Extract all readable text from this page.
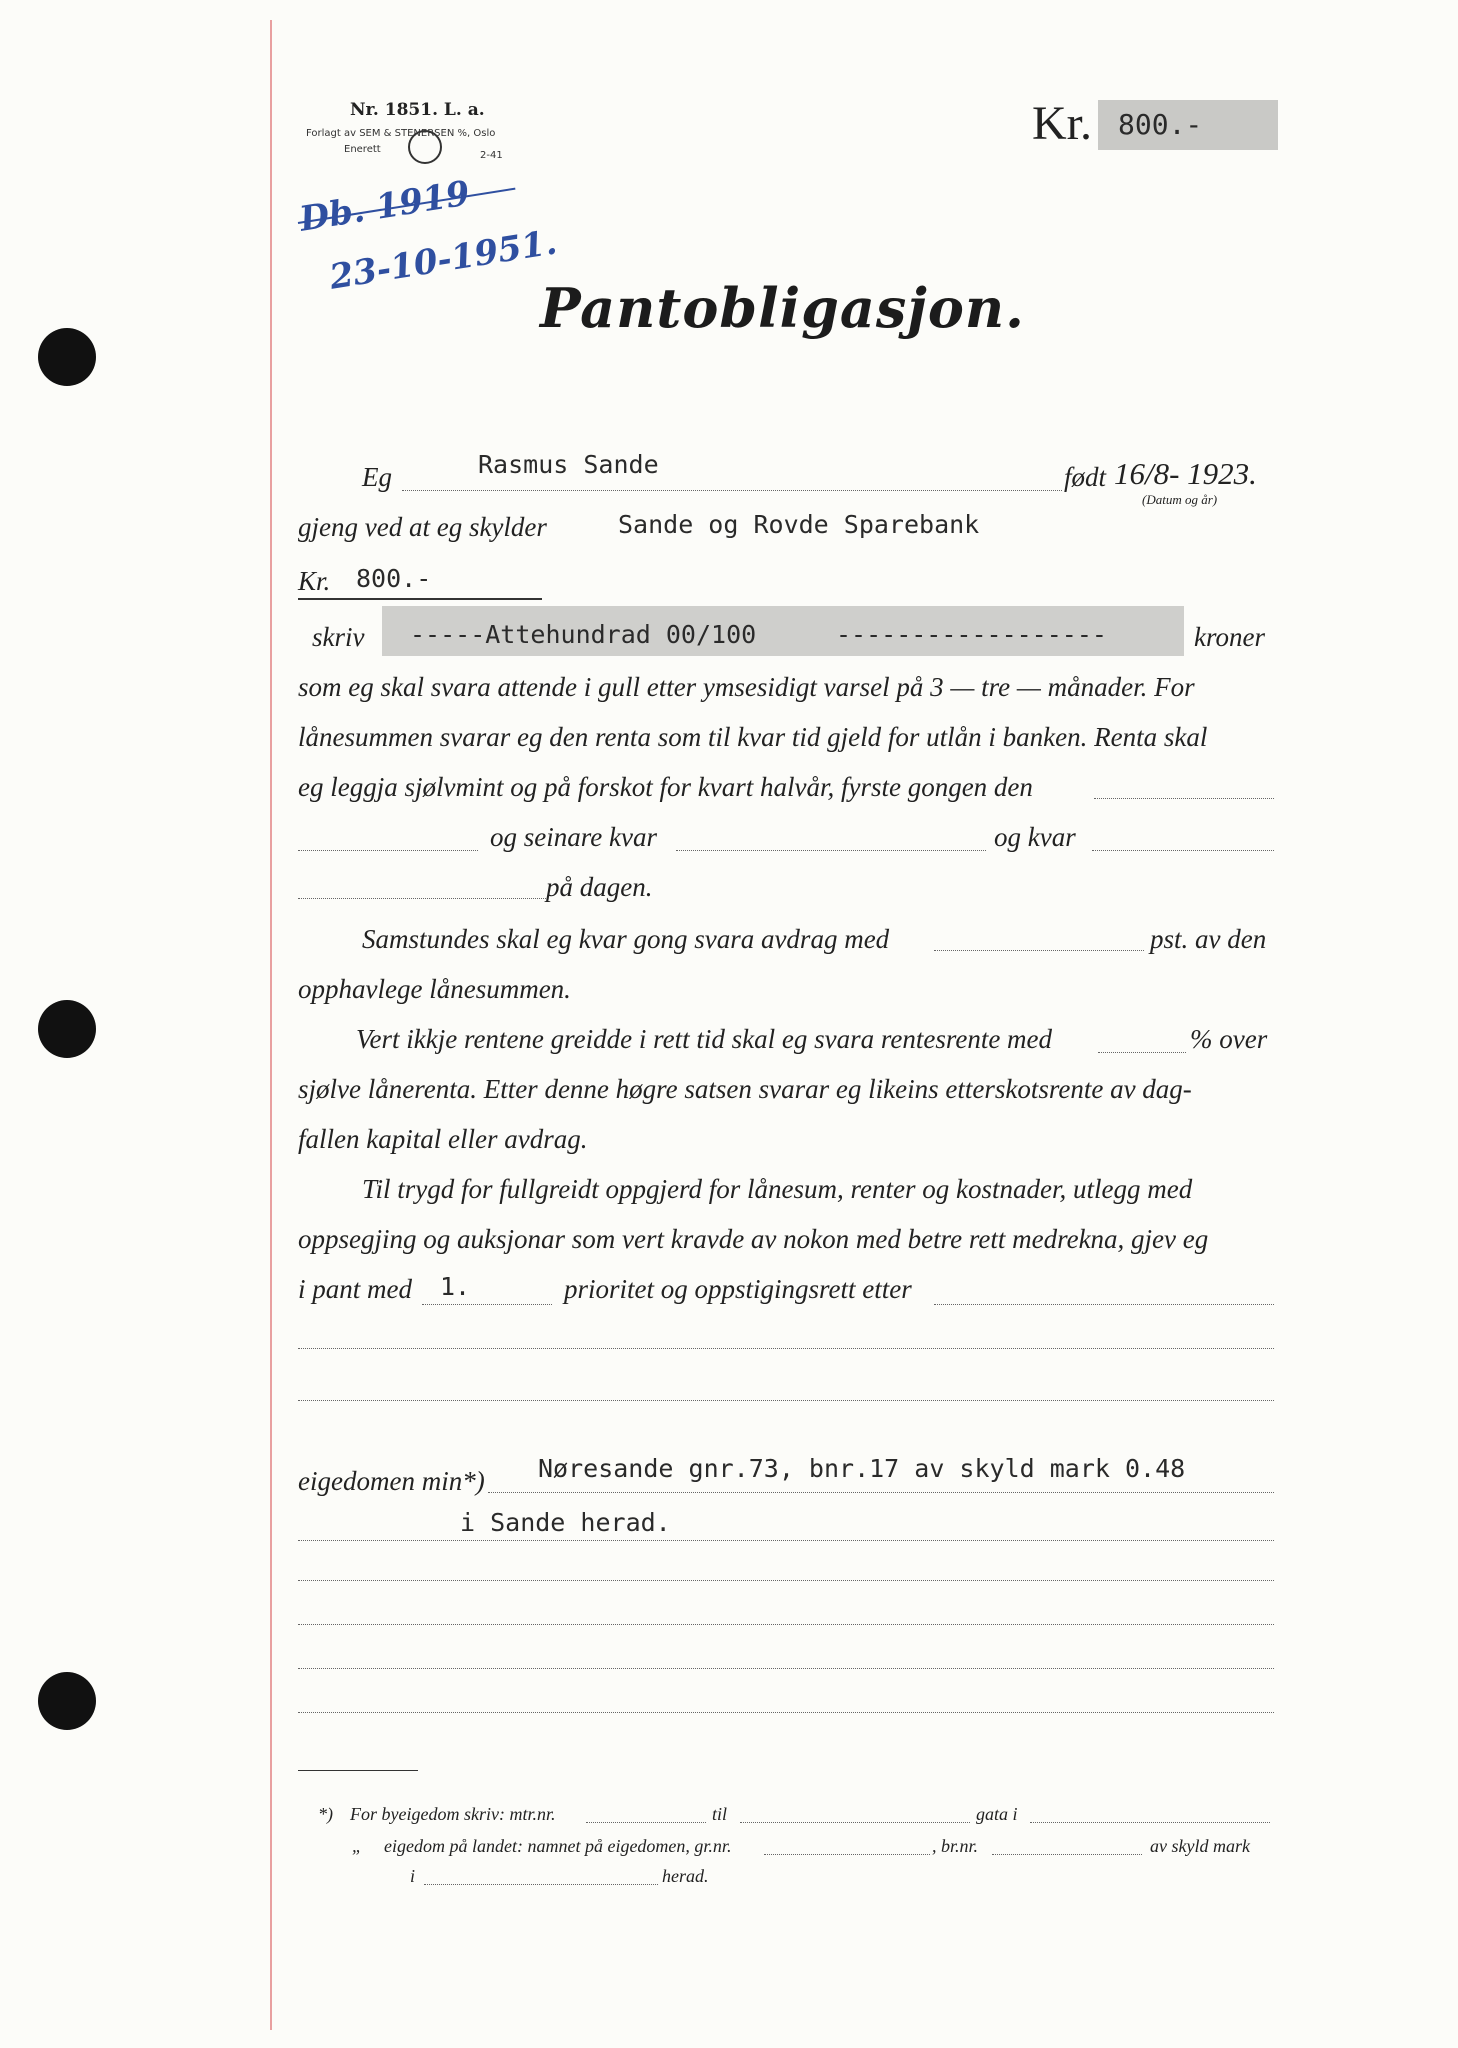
Nr. 1851. L. a.
Forlagt av SEM & STENERSEN %, Oslo
Enerett
2-41
Db. 1919
23-10-1951.
Kr. 800.-
Pantobligasjon.
Eg	Rasmus Sande	født 16/8- 1923.
(Datum og år)
gjeng ved at eg skylder	Sande og Rovde Sparebank
Kr. 800.-
skriv -----Attehundrad 00/100	------------------	kroner
som eg skal svara attende i gull etter ymsesidigt varsel på 3 — tre — månader. For
lånesummen svarar eg den renta som til kvar tid gjeld for utlån i banken. Renta skal
eg leggja sjølvmint og på forskot for kvart halvår, fyrste gongen den
og seinare kvar	og kvar
på dagen.
Samstundes skal eg kvar gong svara avdrag med	pst. av den
opphavlege lånesummen.
Vert ikkje rentene greidde i rett tid skal eg svara rentesrente med	% over
sjølve lånerenta. Etter denne høgre satsen svarar eg likeins etterskotsrente av dag-
fallen kapital eller avdrag.
Til trygd for fullgreidt oppgjerd for lånesum, renter og kostnader, utlegg med
oppsegjing og auksjonar som vert kravde av nokon med betre rett medrekna, gjev eg
i pant med 1.	prioritet og oppstigingsrett etter
eigedomen min*) Nøresande gnr.73, bnr.17 av skyld mark 0.48
i Sande herad.
*) For byeigedom skriv: mtr.nr.	til	gata i
„ eigedom på landet: namnet på eigedomen, gr.nr.	, br.nr.	av skyld mark
i	herad.
